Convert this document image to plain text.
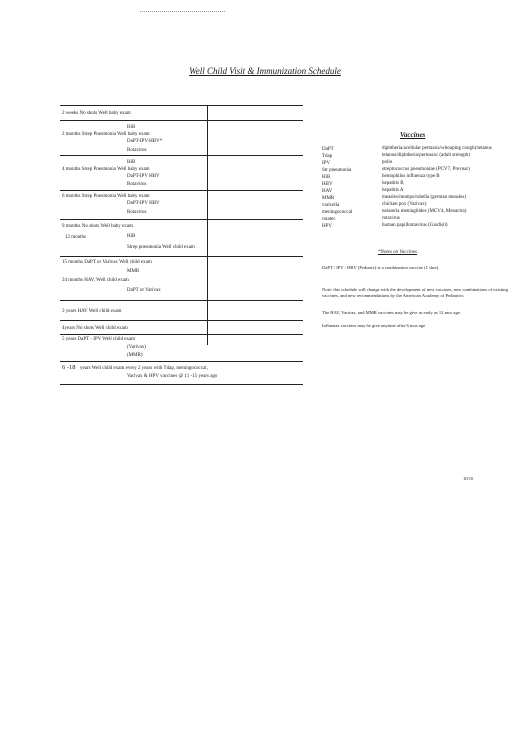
Well Child Visit & Immunization Schedule
2 weeks No shots Well baby exam
HiB
2 months Strep Pneumonia Well baby exam
DaPT-IPV-HBV*
Rotavirus
HiB
4 months Strep Pneumonia Well baby exam
DaPT-IPV HBV
Rotavirus
6 months Strep Pneumonia Well baby exam
DaPT-IPV HBV
Rotavirus
9 months No shots Well baby exam
12 months	HiB
Strep pneumonia Well child exam
15 months DaPT or Varivax Well child exam
MMR
24 months HAV, Well child exam
DaPT or Varivax
3 years HAV Well child exam
4years No shots Well child exam
5 years DaPT - IPV Well child exam
(Varivax)
(MMR)
6 -18 years Well child exam every 2 years with Tdap, meningococcal,
Varivax & HPV vaccines @ 11 -15 years ago
Vaccines
DaPT	diphtheria/acellular pertussis/whooping cough)/tetanus
Tdap	tetanus/diphtheria/pertussis/ (adult strength)
IPV	polio
Str pneumonia	streptococcus pneumoniae (PCV7, Prevnar)
HiB	hemophilus influenza type B
HBV	hepatitis B
HAV	hepatitis A
MMR	measles/mumps/rubella (german measles)
varicella	chicken pox (Varivax)
meningococcal	neisseria meningitides (MCV4, Menactra)
rotatec	rotavirus
HPV	human papillomavirus (Gardisil)
*Notes on Vaccines
DaPT / IPV / HBV (Pediarix) is a combination vaccine (1 shot).
Note: this schedule will change with the development of new vaccines, new combinations of existing vaccines, and new recommendations by the American Academy of Pediatrics
The HAV, Varivax, and MMR vaccines may be give as early as 12 mos age.
Influenza vaccines may be give anytime after 6 mos age
10/10
